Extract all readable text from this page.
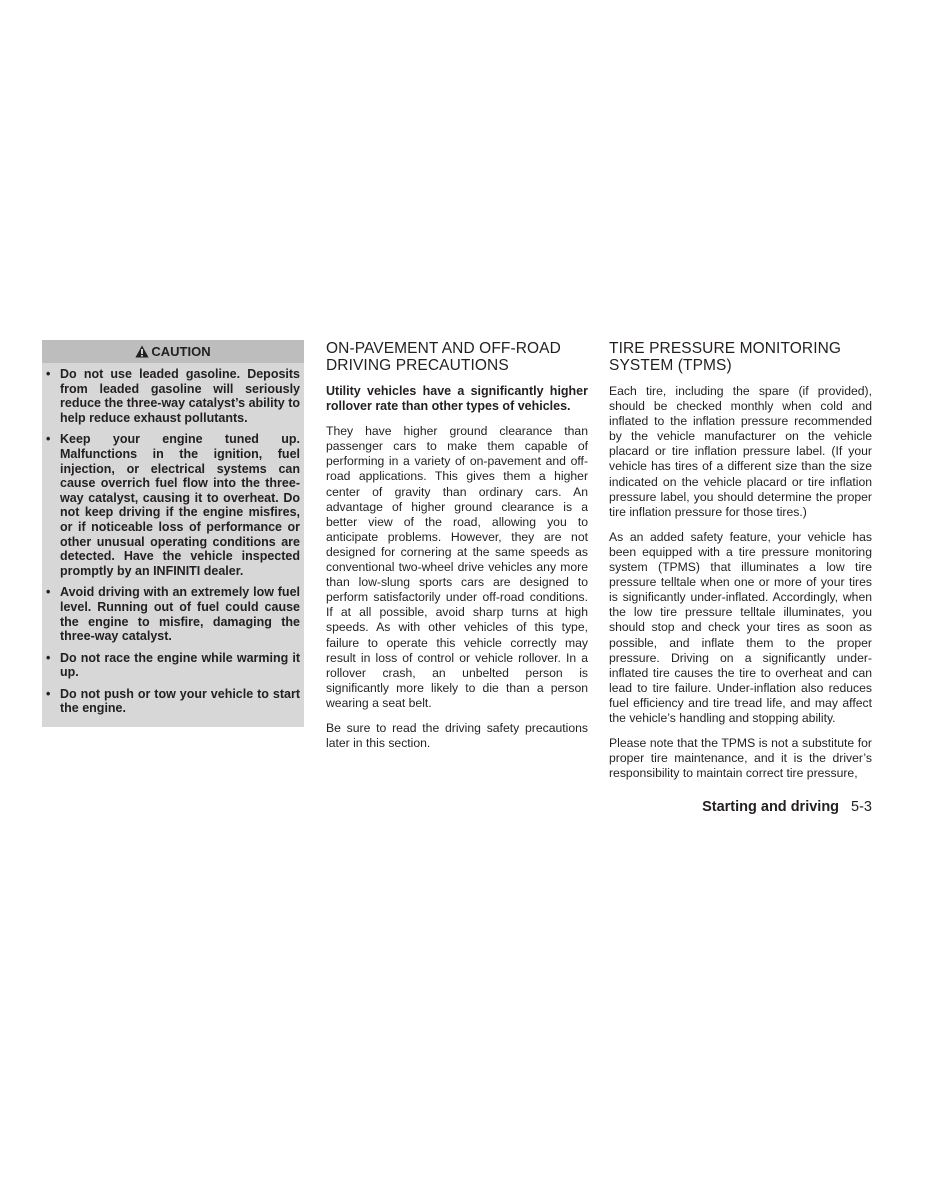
CAUTION
• Do not use leaded gasoline. Deposits from leaded gasoline will seriously reduce the three-way catalyst’s ability to help reduce exhaust pollutants.
• Keep your engine tuned up. Malfunctions in the ignition, fuel injection, or electrical systems can cause overrich fuel flow into the three-way catalyst, causing it to overheat. Do not keep driving if the engine misfires, or if noticeable loss of performance or other unusual operating conditions are detected. Have the vehicle inspected promptly by an INFINITI dealer.
• Avoid driving with an extremely low fuel level. Running out of fuel could cause the engine to misfire, damaging the three-way catalyst.
• Do not race the engine while warming it up.
• Do not push or tow your vehicle to start the engine.
ON-PAVEMENT AND OFF-ROAD DRIVING PRECAUTIONS

Utility vehicles have a significantly higher rollover rate than other types of vehicles.

They have higher ground clearance than passenger cars to make them capable of performing in a variety of on-pavement and off-road applications. This gives them a higher center of gravity than ordinary cars. An advantage of higher ground clearance is a better view of the road, allowing you to anticipate problems. However, they are not designed for cornering at the same speeds as conventional two-wheel drive vehicles any more than low-slung sports cars are designed to perform satisfactorily under off-road conditions. If at all possible, avoid sharp turns at high speeds. As with other vehicles of this type, failure to operate this vehicle correctly may result in loss of control or vehicle rollover. In a rollover crash, an unbelted person is significantly more likely to die than a person wearing a seat belt.

Be sure to read the driving safety precautions later in this section.

TIRE PRESSURE MONITORING SYSTEM (TPMS)

Each tire, including the spare (if provided), should be checked monthly when cold and inflated to the inflation pressure recommended by the vehicle manufacturer on the vehicle placard or tire inflation pressure label. (If your vehicle has tires of a different size than the size indicated on the vehicle placard or tire inflation pressure label, you should determine the proper tire inflation pressure for those tires.)

As an added safety feature, your vehicle has been equipped with a tire pressure monitoring system (TPMS) that illuminates a low tire pressure telltale when one or more of your tires is significantly under-inflated. Accordingly, when the low tire pressure telltale illuminates, you should stop and check your tires as soon as possible, and inflate them to the proper pressure. Driving on a significantly under-inflated tire causes the tire to overheat and can lead to tire failure. Under-inflation also reduces fuel efficiency and tire tread life, and may affect the vehicle’s handling and stopping ability.

Please note that the TPMS is not a substitute for proper tire maintenance, and it is the driver’s responsibility to maintain correct tire pressure,

Starting and driving 5-3
